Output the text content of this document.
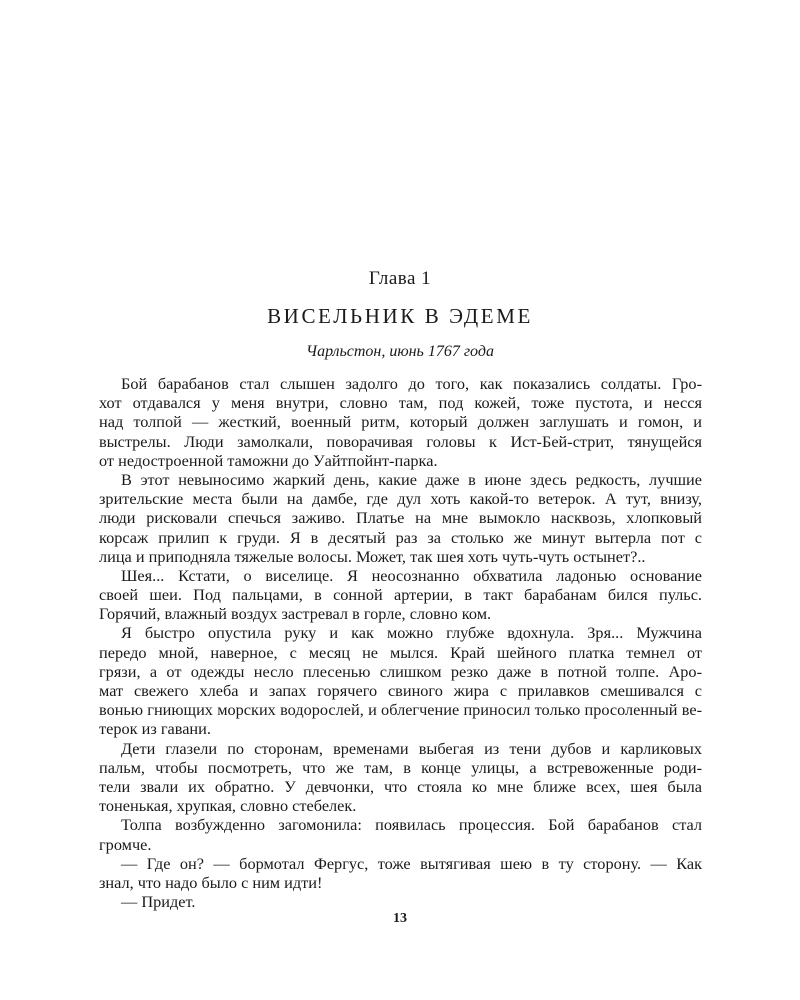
Глава 1
ВИСЕЛЬНИК В ЭДЕМЕ
Чарльстон, июнь 1767 года
Бой барабанов стал слышен задолго до того, как показались солдаты. Гро-
хот отдавался у меня внутри, словно там, под кожей, тоже пустота, и несся
над толпой — жесткий, военный ритм, который должен заглушать и гомон, и
выстрелы. Люди замолкали, поворачивая головы к Ист-Бей-стрит, тянущейся
от недостроенной таможни до Уайтпойнт-парка.
В этот невыносимо жаркий день, какие даже в июне здесь редкость, лучшие
зрительские места были на дамбе, где дул хоть какой-то ветерок. А тут, внизу,
люди рисковали спечься заживо. Платье на мне вымокло насквозь, хлопковый
корсаж прилип к груди. Я в десятый раз за столько же минут вытерла пот с
лица и приподняла тяжелые волосы. Может, так шея хоть чуть-чуть остынет?..
Шея... Кстати, о виселице. Я неосознанно обхватила ладонью основание
своей шеи. Под пальцами, в сонной артерии, в такт барабанам бился пульс.
Горячий, влажный воздух застревал в горле, словно ком.
Я быстро опустила руку и как можно глубже вдохнула. Зря... Мужчина
передо мной, наверное, с месяц не мылся. Край шейного платка темнел от
грязи, а от одежды несло плесенью слишком резко даже в потной толпе. Аро-
мат свежего хлеба и запах горячего свиного жира с прилавков смешивался с
вонью гниющих морских водорослей, и облегчение приносил только просоленный ве-
терок из гавани.
Дети глазели по сторонам, временами выбегая из тени дубов и карликовых
пальм, чтобы посмотреть, что же там, в конце улицы, а встревоженные роди-
тели звали их обратно. У девчонки, что стояла ко мне ближе всех, шея была
тоненькая, хрупкая, словно стебелек.
Толпа возбужденно загомонила: появилась процессия. Бой барабанов стал
громче.
— Где он? — бормотал Фергус, тоже вытягивая шею в ту сторону. — Как
знал, что надо было с ним идти!
— Придет.
13
